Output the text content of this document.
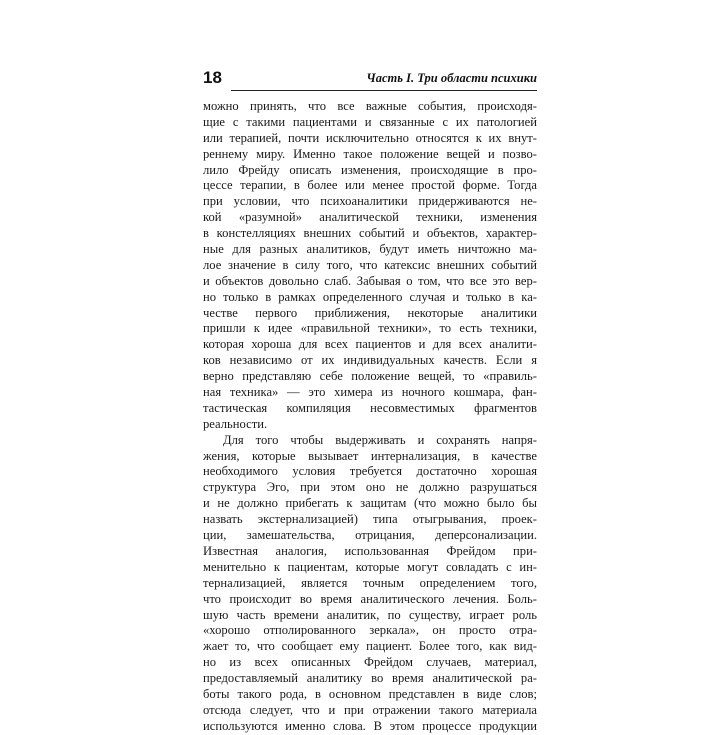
18	Часть I. Три области психики
можно принять, что все важные события, происходя-
щие с такими пациентами и связанные с их патологией
или терапией, почти исключительно относятся к их внут-
реннему миру. Именно такое положение вещей и позво-
лило Фрейду описать изменения, происходящие в про-
цессе терапии, в более или менее простой форме. Тогда
при условии, что психоаналитики придерживаются не-
кой «разумной» аналитической техники, изменения
в констелляциях внешних событий и объектов, характер-
ные для разных аналитиков, будут иметь ничтожно ма-
лое значение в силу того, что катексис внешних событий
и объектов довольно слаб. Забывая о том, что все это вер-
но только в рамках определенного случая и только в ка-
честве первого приближения, некоторые аналитики
пришли к идее «правильной техники», то есть техники,
которая хороша для всех пациентов и для всех аналити-
ков независимо от их индивидуальных качеств. Если я
верно представляю себе положение вещей, то «правиль-
ная техника» — это химера из ночного кошмара, фан-
тастическая компиляция несовместимых фрагментов
реальности.
Для того чтобы выдерживать и сохранять напря-
жения, которые вызывает интернализация, в качестве
необходимого условия требуется достаточно хорошая
структура Эго, при этом оно не должно разрушаться
и не должно прибегать к защитам (что можно было бы
назвать экстернализацией) типа отыгрывания, проек-
ции, замешательства, отрицания, деперсонализации.
Известная аналогия, использованная Фрейдом при-
менительно к пациентам, которые могут совладать с ин-
тернализацией, является точным определением того,
что происходит во время аналитического лечения. Боль-
шую часть времени аналитик, по существу, играет роль
«хорошо отполированного зеркала», он просто отра-
жает то, что сообщает ему пациент. Более того, как вид-
но из всех описанных Фрейдом случаев, материал,
предоставляемый аналитику во время аналитической ра-
боты такого рода, в основном представлен в виде слов;
отсюда следует, что и при отражении такого материала
используются именно слова. В этом процессе продукции
